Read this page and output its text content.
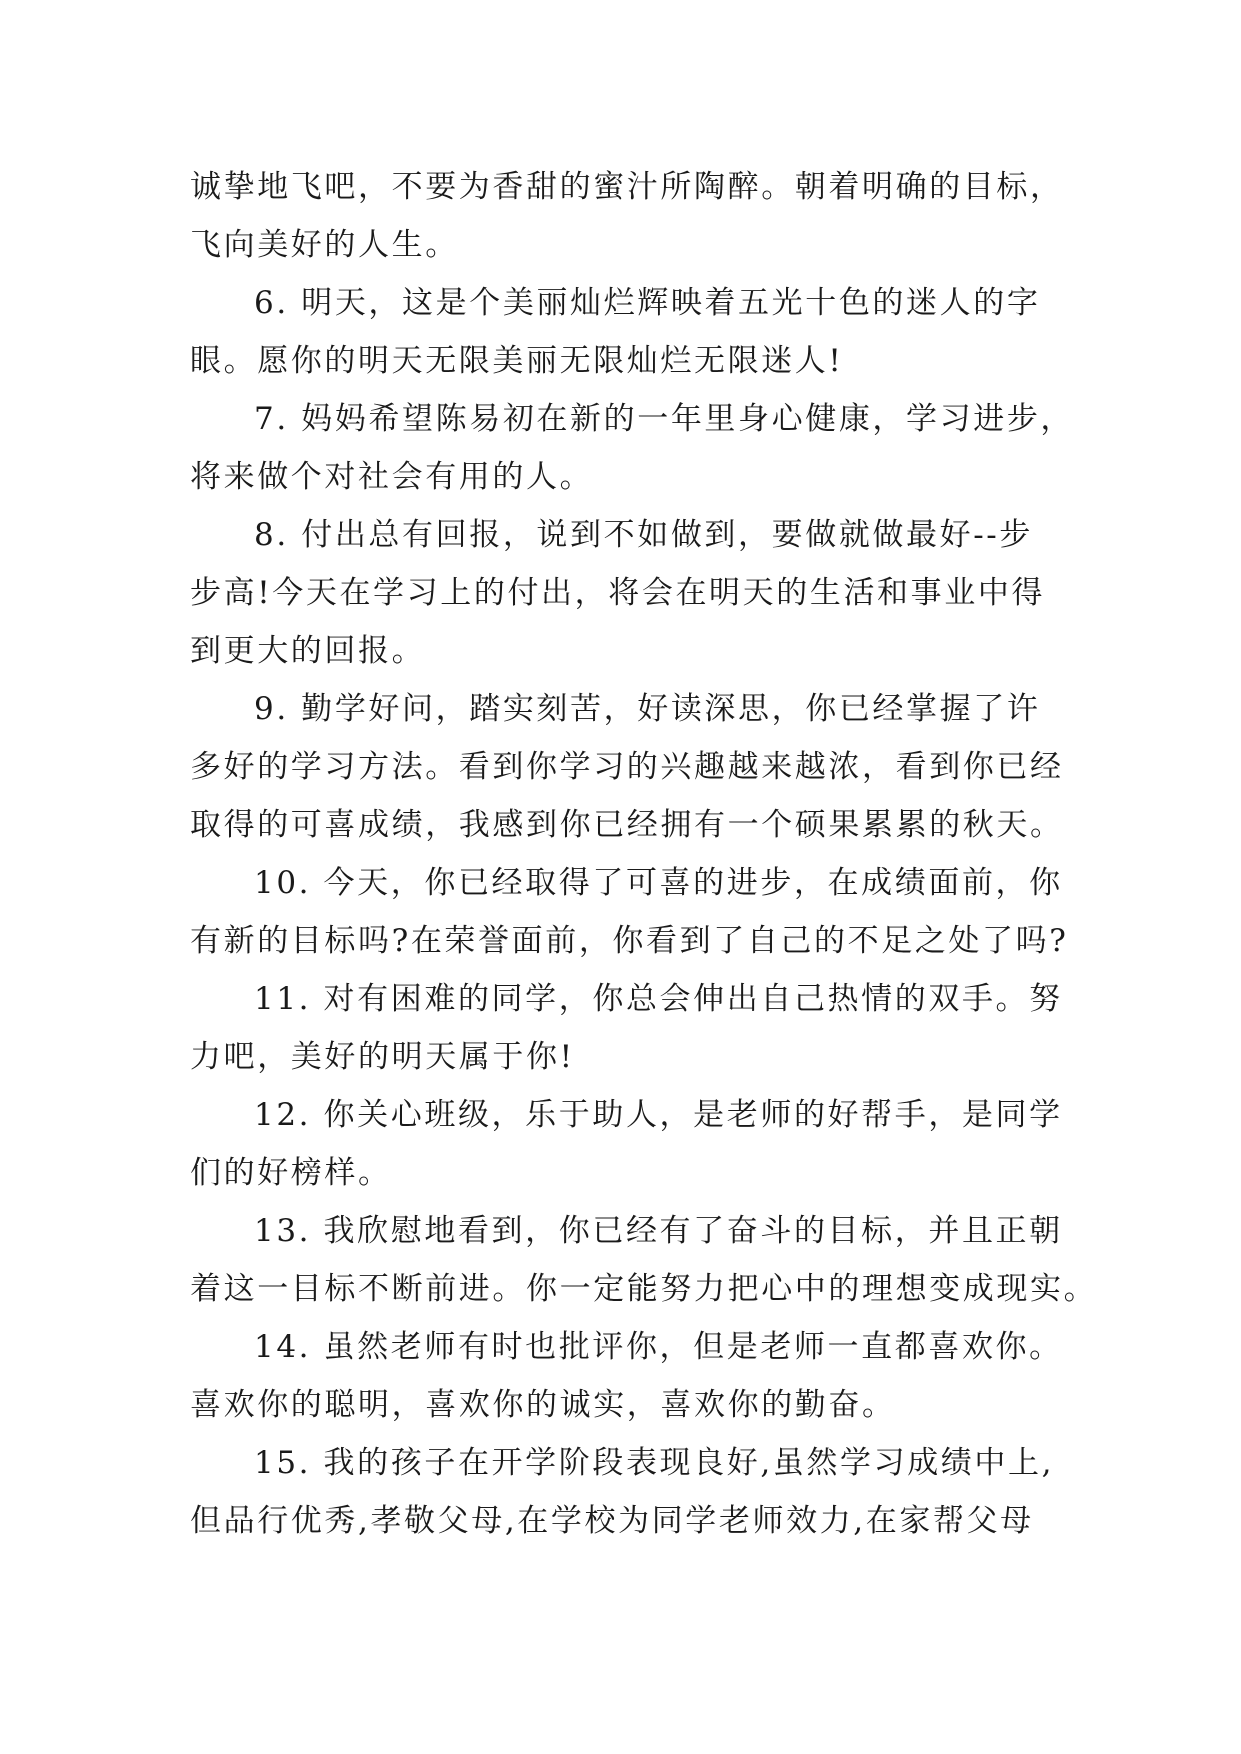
诚挚地飞吧，不要为香甜的蜜汁所陶醉。朝着明确的目标，
飞向美好的人生。
6. 明天，这是个美丽灿烂辉映着五光十色的迷人的字
眼。愿你的明天无限美丽无限灿烂无限迷人!
7. 妈妈希望陈易初在新的一年里身心健康，学习进步，
将来做个对社会有用的人。
8. 付出总有回报，说到不如做到，要做就做最好--步
步高!今天在学习上的付出，将会在明天的生活和事业中得
到更大的回报。
9. 勤学好问，踏实刻苦，好读深思，你已经掌握了许
多好的学习方法。看到你学习的兴趣越来越浓，看到你已经
取得的可喜成绩，我感到你已经拥有一个硕果累累的秋天。
10. 今天，你已经取得了可喜的进步，在成绩面前，你
有新的目标吗?在荣誉面前，你看到了自己的不足之处了吗?
11. 对有困难的同学，你总会伸出自己热情的双手。努
力吧，美好的明天属于你!
12. 你关心班级，乐于助人，是老师的好帮手，是同学
们的好榜样。
13. 我欣慰地看到，你已经有了奋斗的目标，并且正朝
着这一目标不断前进。你一定能努力把心中的理想变成现实。
14. 虽然老师有时也批评你，但是老师一直都喜欢你。
喜欢你的聪明，喜欢你的诚实，喜欢你的勤奋。
15. 我的孩子在开学阶段表现良好,虽然学习成绩中上,
但品行优秀,孝敬父母,在学校为同学老师效力,在家帮父母
